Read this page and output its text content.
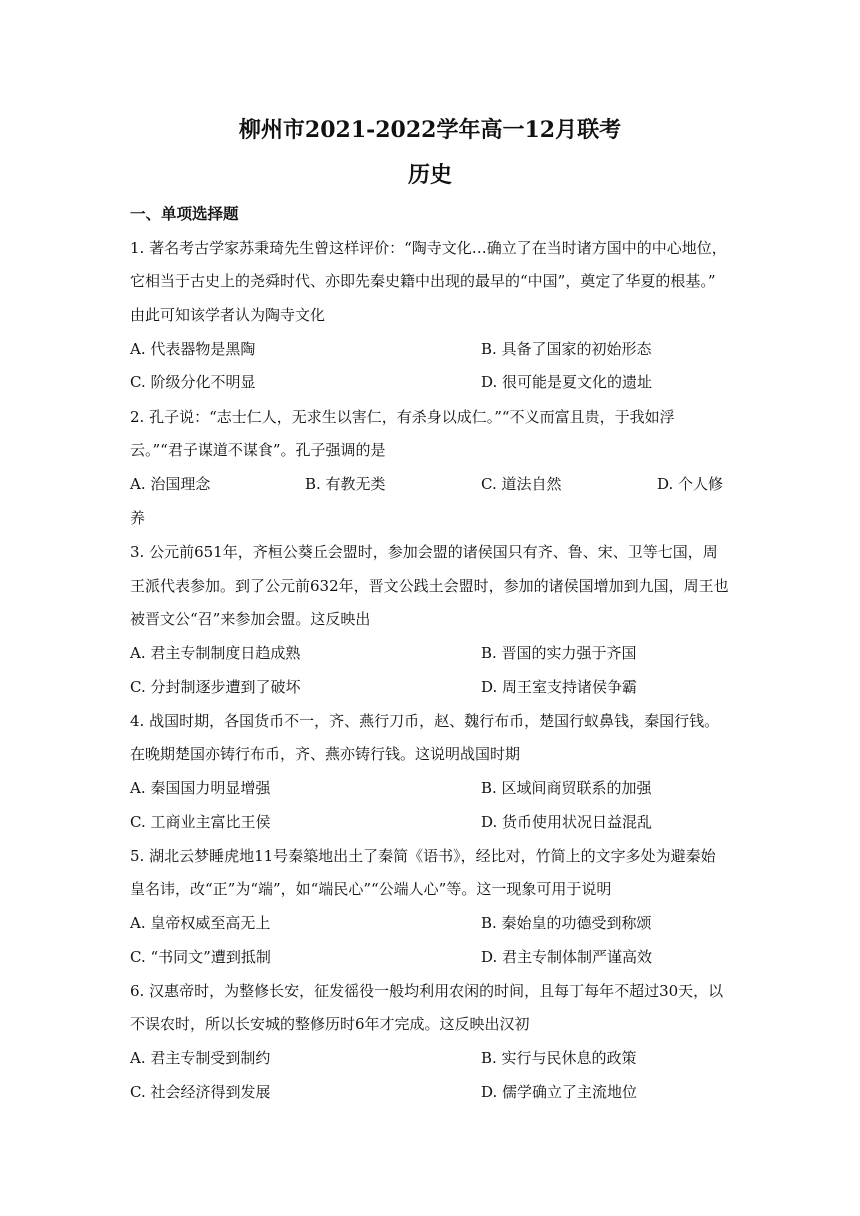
柳州市2021-2022学年高一12月联考
历史
一、单项选择题
1. 著名考古学家苏秉琦先生曾这样评价：“陶寺文化…确立了在当时诸方国中的中心地位，
它相当于古史上的尧舜时代、亦即先秦史籍中出现的最早的“中国”，奠定了华夏的根基。”
由此可知该学者认为陶寺文化
A. 代表器物是黑陶	B. 具备了国家的初始形态
C. 阶级分化不明显	D. 很可能是夏文化的遗址
2. 孔子说：“志士仁人，无求生以害仁，有杀身以成仁。”“不义而富且贵，于我如浮
云。”“君子谋道不谋食”。孔子强调的是
A. 治国理念	B. 有教无类	C. 道法自然	D. 个人修
养
3. 公元前651年，齐桓公葵丘会盟时，参加会盟的诸侯国只有齐、鲁、宋、卫等七国，周
王派代表参加。到了公元前632年，晋文公践土会盟时，参加的诸侯国增加到九国，周王也
被晋文公“召”来参加会盟。这反映出
A. 君主专制制度日趋成熟	B. 晋国的实力强于齐国
C. 分封制逐步遭到了破坏	D. 周王室支持诸侯争霸
4. 战国时期，各国货币不一，齐、燕行刀币，赵、魏行布币，楚国行蚁鼻钱，秦国行钱。
在晚期楚国亦铸行布币，齐、燕亦铸行钱。这说明战国时期
A. 秦国国力明显增强	B. 区域间商贸联系的加强
C. 工商业主富比王侯	D. 货币使用状况日益混乱
5. 湖北云梦睡虎地11号秦築地出土了秦简《语书》，经比对，竹简上的文字多处为避秦始
皇名讳，改“正”为“端”，如“端民心”“公端人心”等。这一现象可用于说明
A. 皇帝权威至高无上	B. 秦始皇的功德受到称颂
C. “书同文”遭到抵制	D. 君主专制体制严谨高效
6. 汉惠帝时，为整修长安，征发徭役一般均利用农闲的时间，且每丁每年不超过30天，以
不误农时，所以长安城的整修历时6年才完成。这反映出汉初
A. 君主专制受到制约	B. 实行与民休息的政策
C. 社会经济得到发展	D. 儒学确立了主流地位
